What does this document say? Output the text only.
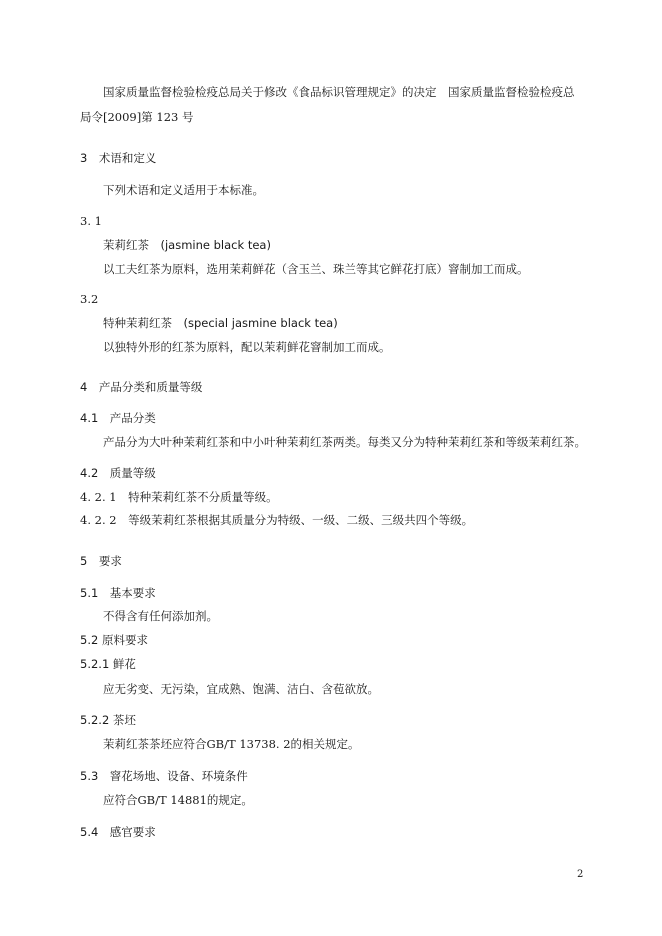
国家质量监督检验检疫总局关于修改《食品标识管理规定》的决定　国家质量监督检验检疫总
局令[2009]第 123 号
3　术语和定义
下列术语和定义适用于本标准。
3. 1
茉莉红茶　(jasmine black tea)
以工夫红茶为原料，选用茉莉鲜花（含玉兰、珠兰等其它鲜花打底）窨制加工而成。
3.2
特种茉莉红茶　(special jasmine black tea)
以独特外形的红茶为原料，配以茉莉鲜花窨制加工而成。
4　产品分类和质量等级
4.1　产品分类
产品分为大叶种茉莉红茶和中小叶种茉莉红茶两类。每类又分为特种茉莉红茶和等级茉莉红茶。
4.2　质量等级
4. 2. 1　特种茉莉红茶不分质量等级。
4. 2. 2　等级茉莉红茶根据其质量分为特级、一级、二级、三级共四个等级。
5　要求
5.1　基本要求
不得含有任何添加剂。
5.2 原料要求
5.2.1 鲜花
应无劣变、无污染，宜成熟、饱满、洁白、含苞欲放。
5.2.2 茶坯
茉莉红茶茶坯应符合GB/T 13738. 2的相关规定。
5.3　窨花场地、设备、环境条件
应符合GB/T 14881的规定。
5.4　感官要求
2
